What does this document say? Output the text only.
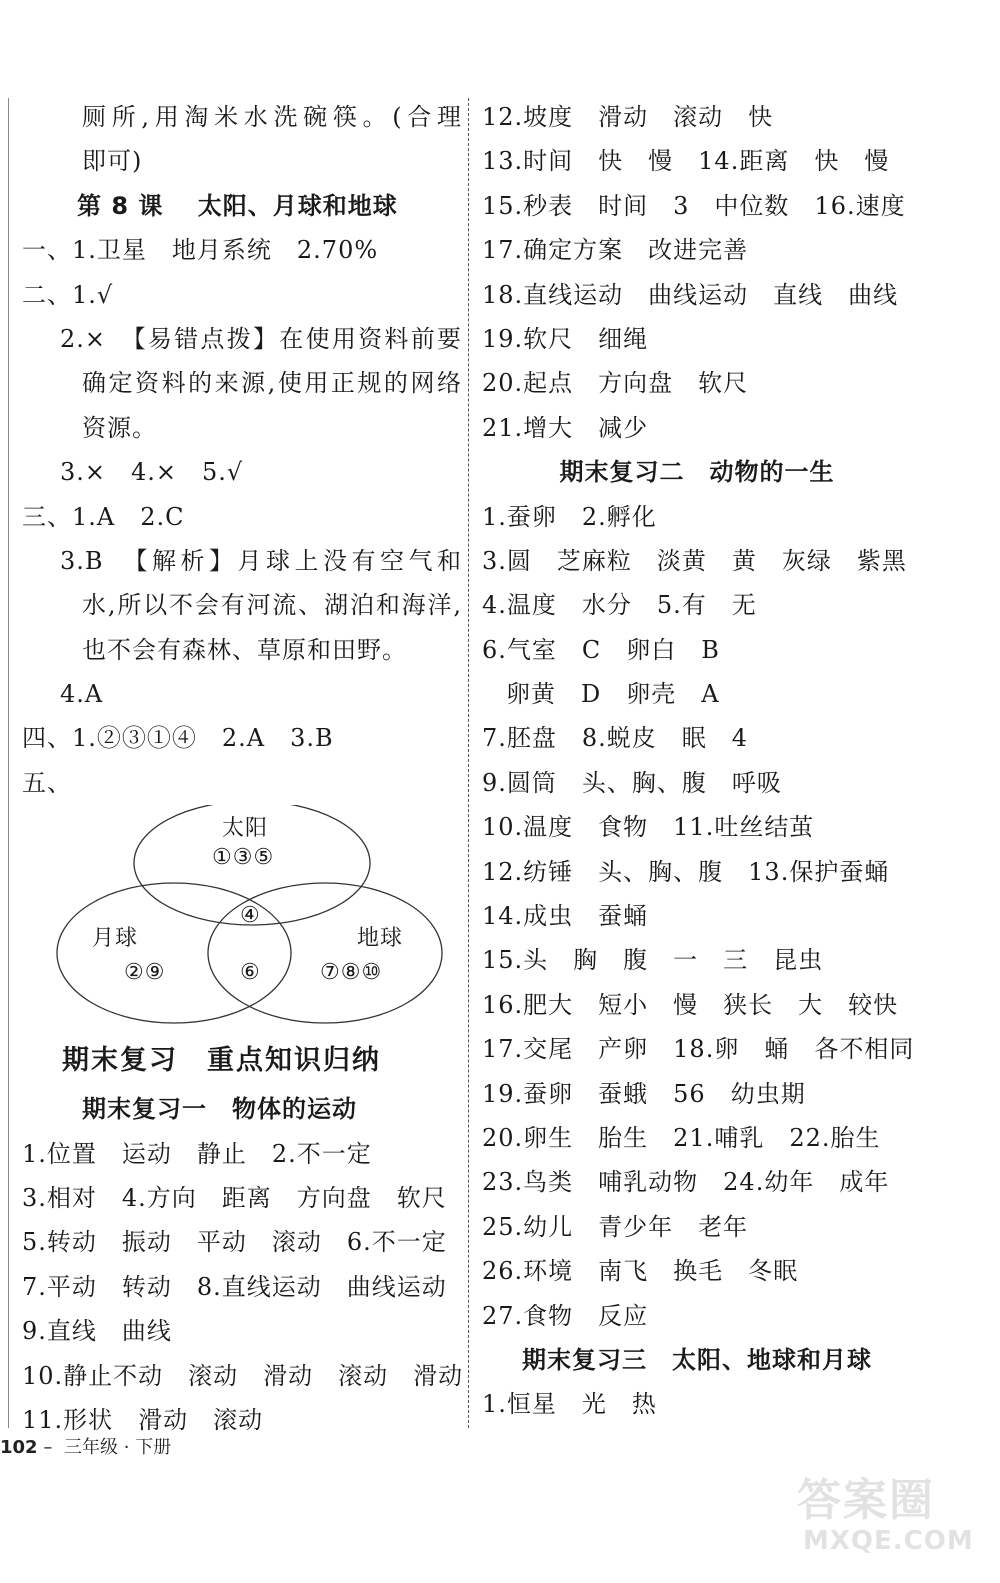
厕所,用淘米水洗碗筷。(合理
即可)
第 8 课　 太阳、月球和地球
一、1.卫星　地月系统　2.70%
二、1.√
2.×　【易错点拨】在使用资料前要
确定资料的来源,使用正规的网络
资源。
3.×　4.×　5.√
三、1.A　2.C
3.B　【解析】月球上没有空气和
水,所以不会有河流、湖泊和海洋,
也不会有森林、草原和田野。
4.A
四、1.②③①④　2.A　3.B
五、
太阳
①③⑤
④
月球	地球
②⑨	⑥	⑦⑧⑩
期末复习　重点知识归纳
期末复习一　物体的运动
1.位置　运动　静止　2.不一定
3.相对　4.方向　距离　方向盘　软尺
5.转动　振动　平动　滚动　6.不一定
7.平动　转动　8.直线运动　曲线运动
9.直线　曲线
10.静止不动　滚动　滑动　滚动　滑动
11.形状　滑动　滚动
12.坡度　滑动　滚动　快
13.时间　快　慢　14.距离　快　慢
15.秒表　时间　3　中位数　16.速度
17.确定方案　改进完善
18.直线运动　曲线运动　直线　曲线
19.软尺　细绳
20.起点　方向盘　软尺
21.增大　减少
期末复习二　动物的一生
1.蚕卵　2.孵化
3.圆　芝麻粒　淡黄　黄　灰绿　紫黑
4.温度　水分　5.有　无
6.气室　C　卵白　B
卵黄　D　卵壳　A
7.胚盘　8.蜕皮　眠　4
9.圆筒　头、胸、腹　呼吸
10.温度　食物　11.吐丝结茧
12.纺锤　头、胸、腹　13.保护蚕蛹
14.成虫　蚕蛹
15.头　胸　腹　一　三　昆虫
16.肥大　短小　慢　狭长　大　较快
17.交尾　产卵　18.卵　蛹　各不相同
19.蚕卵　蚕蛾　56　幼虫期
20.卵生　胎生　21.哺乳　22.胎生
23.鸟类　哺乳动物　24.幼年　成年
25.幼儿　青少年　老年
26.环境　南飞　换毛　冬眠
27.食物　反应
期末复习三　太阳、地球和月球
1.恒星　光　热
102 – 三年级 · 下册
答案圈
MXQE.COM
